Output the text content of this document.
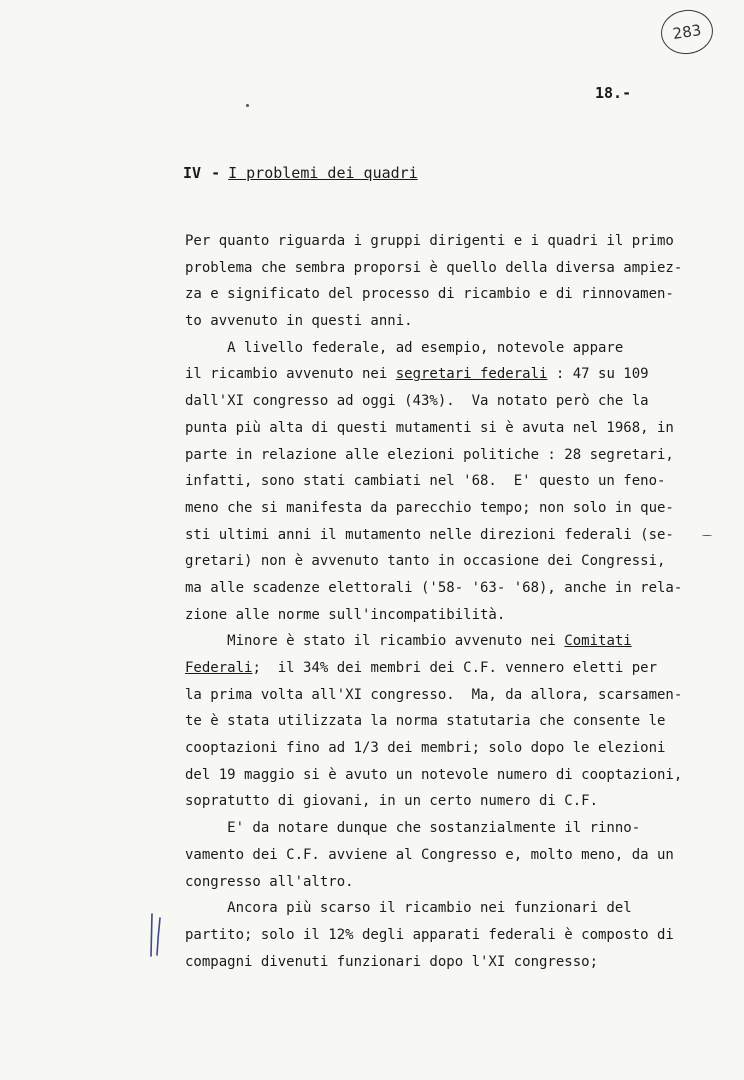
283
18.-
IV - I problemi dei quadri
Per quanto riguarda i gruppi dirigenti e i quadri il primo
problema che sembra proporsi è quello della diversa ampiez-
za e significato del processo di ricambio e di rinnovamen-
to avvenuto in questi anni.
A livello federale, ad esempio, notevole appare
il ricambio avvenuto nei segretari federali : 47 su 109
dall'XI congresso ad oggi (43%).  Va notato però che la
punta più alta di questi mutamenti si è avuta nel 1968, in
parte in relazione alle elezioni politiche : 28 segretari,
infatti, sono stati cambiati nel '68.  E' questo un feno-
meno che si manifesta da parecchio tempo; non solo in que-
sti ultimi anni il mutamento nelle direzioni federali (se-
gretari) non è avvenuto tanto in occasione dei Congressi,
ma alle scadenze elettorali ('58- '63- '68), anche in rela-
zione alle norme sull'incompatibilità.
Minore è stato il ricambio avvenuto nei Comitati
Federali;  il 34% dei membri dei C.F. vennero eletti per
la prima volta all'XI congresso.  Ma, da allora, scarsamen-
te è stata utilizzata la norma statutaria che consente le
cooptazioni fino ad 1/3 dei membri; solo dopo le elezioni
del 19 maggio si è avuto un notevole numero di cooptazioni,
sopratutto di giovani, in un certo numero di C.F.
E' da notare dunque che sostanzialmente il rinno-
vamento dei C.F. avviene al Congresso e, molto meno, da un
congresso all'altro.
Ancora più scarso il ricambio nei funzionari del
partito; solo il 12% degli apparati federali è composto di
compagni divenuti funzionari dopo l'XI congresso;
